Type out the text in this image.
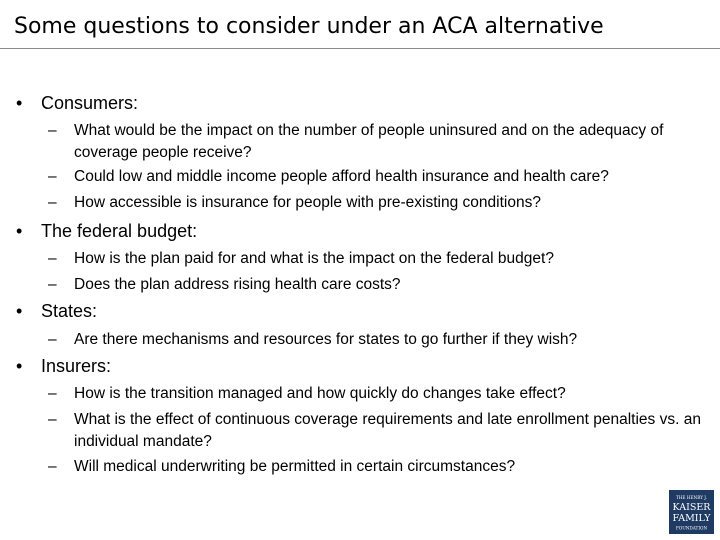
Some questions to consider under an ACA alternative
• Consumers:
– What would be the impact on the number of people uninsured and on the adequacy of coverage people receive?
– Could low and middle income people afford health insurance and health care?
– How accessible is insurance for people with pre-existing conditions?
• The federal budget:
– How is the plan paid for and what is the impact on the federal budget?
– Does the plan address rising health care costs?
• States:
– Are there mechanisms and resources for states to go further if they wish?
• Insurers:
– How is the transition managed and how quickly do changes take effect?
– What is the effect of continuous coverage requirements and late enrollment penalties vs. an individual mandate?
– Will medical underwriting be permitted in certain circumstances?
THE HENRY J.
KAISER
FAMILY
FOUNDATION
